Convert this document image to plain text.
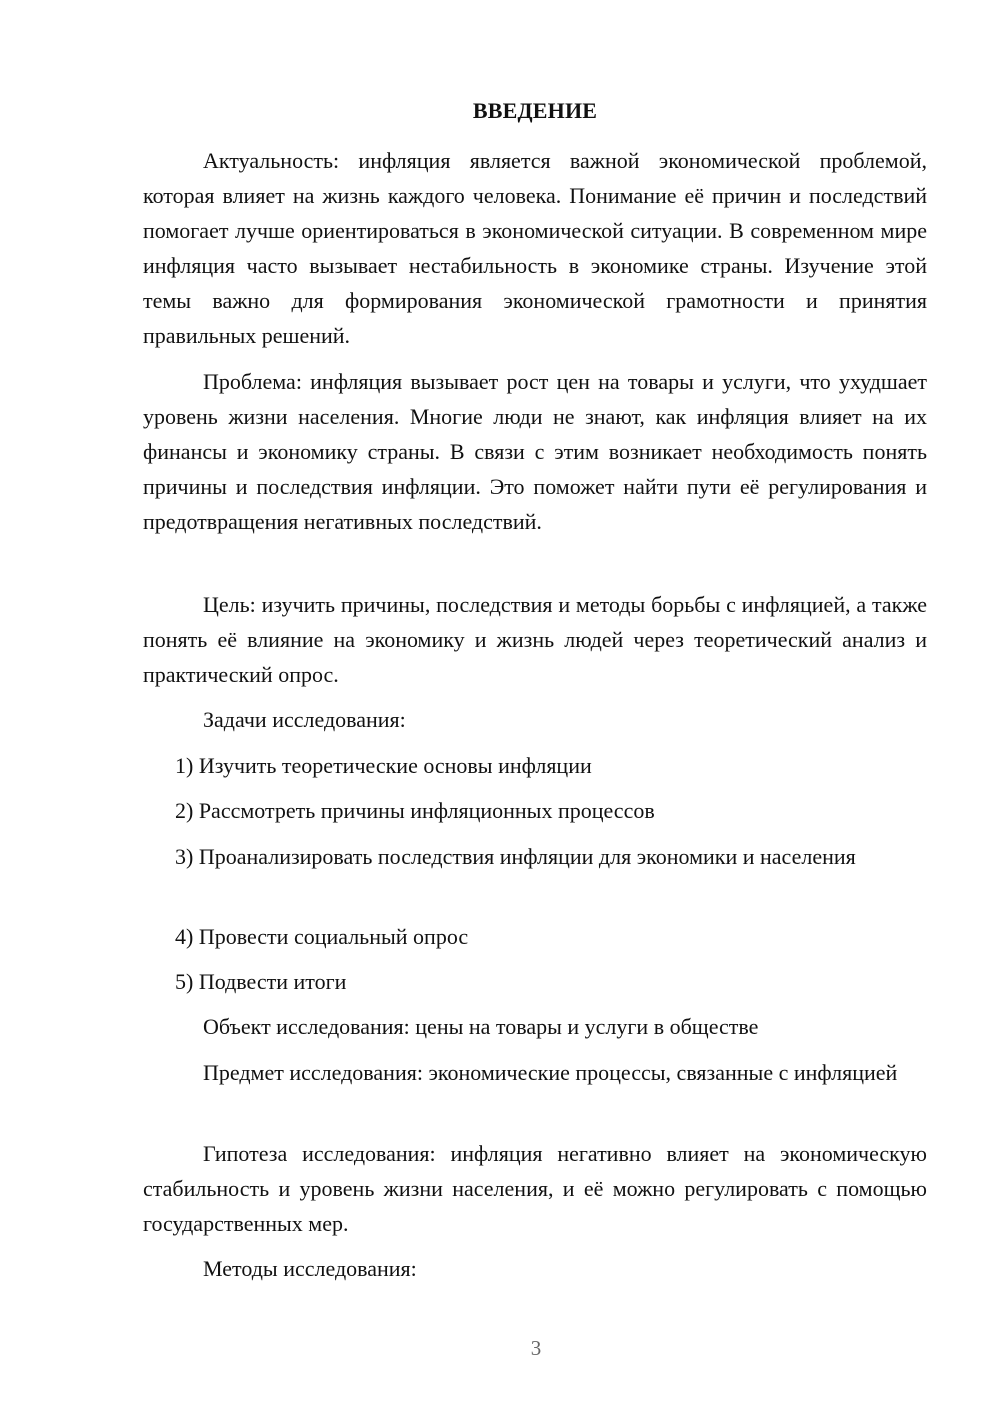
ВВЕДЕНИЕ

Актуальность: инфляция является важной экономической проблемой, которая влияет на жизнь каждого человека. Понимание её причин и последствий помогает лучше ориентироваться в экономической ситуации. В современном мире инфляция часто вызывает нестабильность в экономике страны. Изучение этой темы важно для формирования экономической грамотности и принятия правильных решений.

Проблема: инфляция вызывает рост цен на товары и услуги, что ухудшает уровень жизни населения. Многие люди не знают, как инфляция влияет на их финансы и экономику страны. В связи с этим возникает необходимость понять причины и последствия инфляции. Это поможет найти пути её регулирования и предотвращения негативных последствий.

Цель: изучить причины, последствия и методы борьбы с инфляцией, а также понять её влияние на экономику и жизнь людей через теоретический анализ и практический опрос.

Задачи исследования:

1) Изучить теоретические основы инфляции

2) Рассмотреть причины инфляционных процессов

3) Проанализировать последствия инфляции для экономики и населения

4) Провести социальный опрос

5) Подвести итоги

Объект исследования: цены на товары и услуги в обществе

Предмет исследования: экономические процессы, связанные с инфляцией

Гипотеза исследования: инфляция негативно влияет на экономическую стабильность и уровень жизни населения, и её можно регулировать с помощью государственных мер.

Методы исследования:

3
